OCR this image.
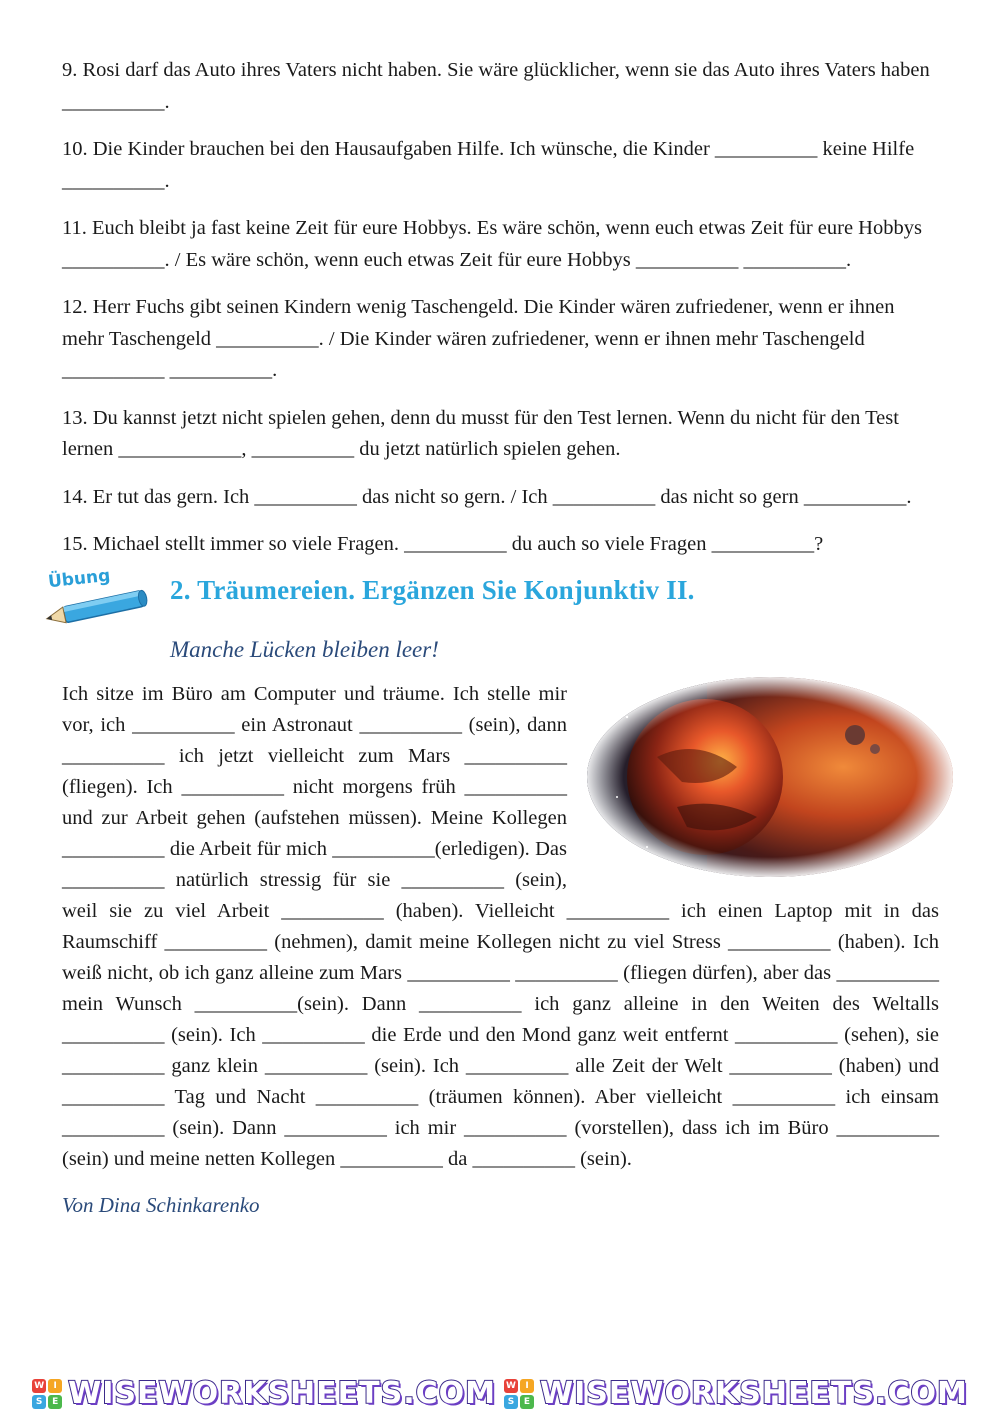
9. Rosi darf das Auto ihres Vaters nicht haben. Sie wäre glücklicher, wenn sie das Auto ihres Vaters haben __________.

10. Die Kinder brauchen bei den Hausaufgaben Hilfe. Ich wünsche, die Kinder __________ keine Hilfe __________.

11. Euch bleibt ja fast keine Zeit für eure Hobbys. Es wäre schön, wenn euch etwas Zeit für eure Hobbys __________. / Es wäre schön, wenn euch etwas Zeit für eure Hobbys __________ __________.

12. Herr Fuchs gibt seinen Kindern wenig Taschengeld. Die Kinder wären zufriedener, wenn er ihnen mehr Taschengeld __________. / Die Kinder wären zufriedener, wenn er ihnen mehr Taschengeld __________ __________.

13. Du kannst jetzt nicht spielen gehen, denn du musst für den Test lernen. Wenn du nicht für den Test lernen ____________, __________ du jetzt natürlich spielen gehen.

14. Er tut das gern. Ich __________ das nicht so gern. / Ich __________ das nicht so gern __________.

15. Michael stellt immer so viele Fragen. __________ du auch so viele Fragen __________?

Übung 2. Träumereien. Ergänzen Sie Konjunktiv II.

Manche Lücken bleiben leer!

Ich sitze im Büro am Computer und träume. Ich stelle mir vor, ich __________ ein Astronaut __________ (sein), dann __________ ich jetzt vielleicht zum Mars __________ (fliegen). Ich __________ nicht morgens früh __________ und zur Arbeit gehen (aufstehen müssen). Meine Kollegen __________ die Arbeit für mich __________(erledigen). Das __________ natürlich stressig für sie __________ (sein), weil sie zu viel Arbeit __________ (haben). Vielleicht __________ ich einen Laptop mit in das Raumschiff __________ (nehmen), damit meine Kollegen nicht zu viel Stress __________ (haben). Ich weiß nicht, ob ich ganz alleine zum Mars __________ __________ (fliegen dürfen), aber das __________ mein Wunsch __________(sein). Dann __________ ich ganz alleine in den Weiten des Weltalls __________ (sein). Ich __________ die Erde und den Mond ganz weit entfernt __________ (sehen), sie __________ ganz klein __________ (sein). Ich __________ alle Zeit der Welt __________ (haben) und __________ Tag und Nacht __________ (träumen können). Aber vielleicht __________ ich einsam __________ (sein). Dann __________ ich mir __________ (vorstellen), dass ich im Büro __________ (sein) und meine netten Kollegen __________ da __________ (sein).

Von Dina Schinkarenko
W	I
S	E WISEWORKSHEETS.COM W	I
S	E WISEWORKSHEETS.COM
